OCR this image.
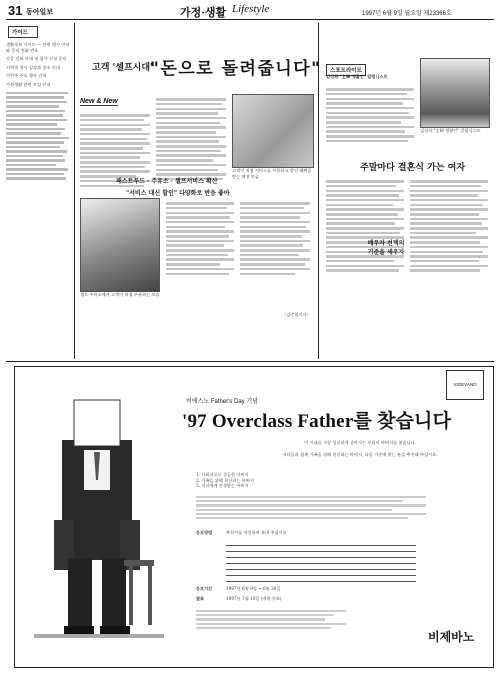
31 동아일보	가정·생활 Lifestyle	1997년 6월 9일 월요일 제23366호
가이드

생활정보 가이드 — 관련 행사 안내와 문의 전화 번호

각종 강좌 안내 및 참가 신청 문의

지역별 행사 일정과 장소 안내

이번주 주요 행사 안내

가정생활 관련 모임 안내

고객 '셀프시대'
"돈으로 돌려줍니다"
New & New
고객이 직접 서비스를 이용하고 할인 혜택을 받는 매장 모습
패스트푸드 · 주유소 · 셀프서비스 확산
"서비스 대신 할인" 다양화로 반응 좋아
셀프 주유소에서 고객이 직접 주유하는 모습
〈김중열기자〉
스포트라이트
김성희 "主婦 생활인" 칼럼니스트
김성희 "主婦 생활인" 칼럼니스트
주말마다 결혼식 가는 여자
배우자 선택의
기준을 세우자
VIGEVANO
비에스노 Father's Day 기념
'97 Overclass Father를 찾습니다
이 시대를 가장 성실하게 살아가는 우리의 아버지를 찾습니다.
자녀들과 함께 가족을 위해 헌신하는 아버지, 다음 기준에 맞는 분을 추천해 주십시오.
1. 사회적으로 성공한 아버지
2. 가족을 위해 헌신하는 아버지
3. 자녀에게 존경받는 아버지
응모방법	추천서를 작성하여 보내 주십시오
응모기간	1997년 6월 9일 ~ 6월 30일
발표	1997년 7월 10일 (개별 통보)
비제바노
